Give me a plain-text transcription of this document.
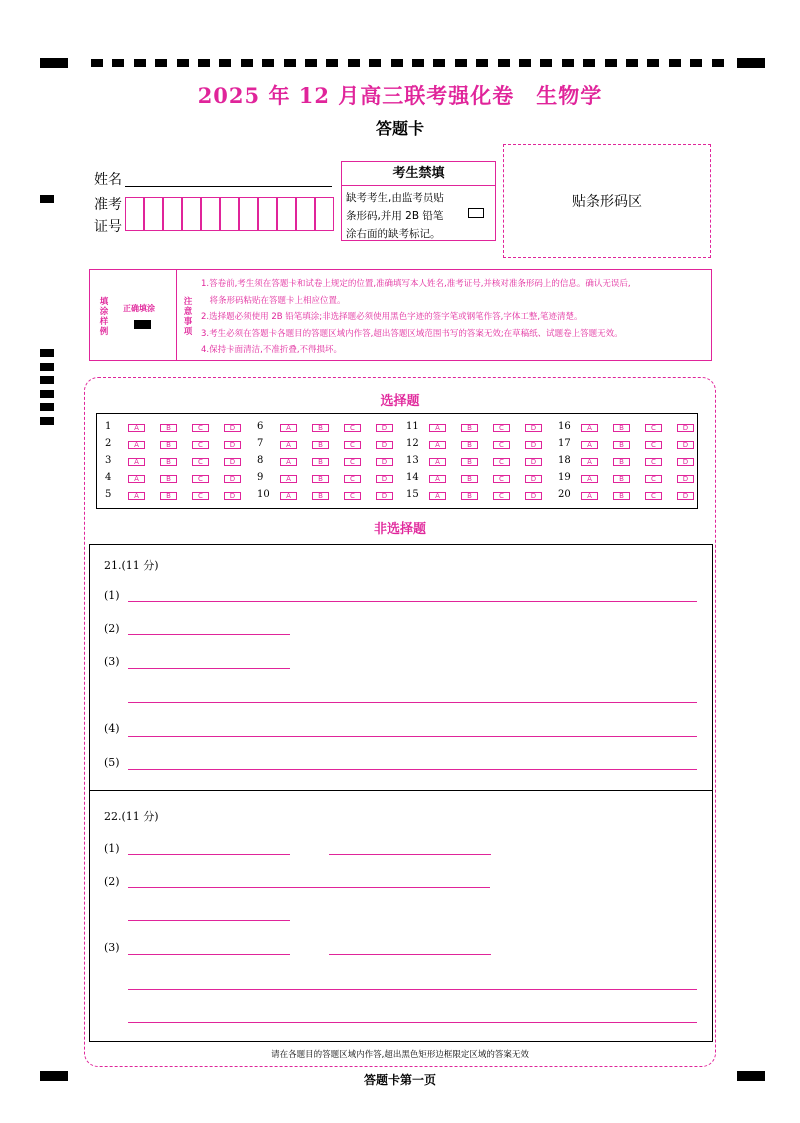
2025 年 12 月高三联考强化卷　生物学
答题卡
姓名
准考
证号
考生禁填
缺考考生,由监考员贴
条形码,并用 2B 铅笔
涂右面的缺考标记。
贴条形码区
填
涂
样
例
正确填涂
注
意
事
项
1.答卷前,考生须在答题卡和试卷上规定的位置,准确填写本人姓名,准考证号,并核对准条形码上的信息。确认无误后,
　将条形码粘贴在答题卡上相应位置。
2.选择题必须使用 2B 铅笔填涂;非选择题必须使用黑色字迹的签字笔或钢笔作答,字体工整,笔迹清楚。
3.考生必须在答题卡各题目的答题区域内作答,超出答题区域范围书写的答案无效;在草稿纸、试题卷上答题无效。
4.保持卡面清洁,不准折叠,不得损坏。
选择题
1	A	B	C	D
2	A	B	C	D
3	A	B	C	D
4	A	B	C	D
5	A	B	C	D
6	A	B	C	D
7	A	B	C	D
8	A	B	C	D
9	A	B	C	D
10	A	B	C	D
11	A	B	C	D
12	A	B	C	D
13	A	B	C	D
14	A	B	C	D
15	A	B	C	D
16	A	B	C	D
17	A	B	C	D
18	A	B	C	D
19	A	B	C	D
20	A	B	C	D
非选择题
21.(11 分)
(1)
(2)
(3)
(4)
(5)
22.(11 分)
(1)
(2)
(3)
请在各题目的答题区域内作答,超出黑色矩形边框限定区域的答案无效
答题卡第一页
